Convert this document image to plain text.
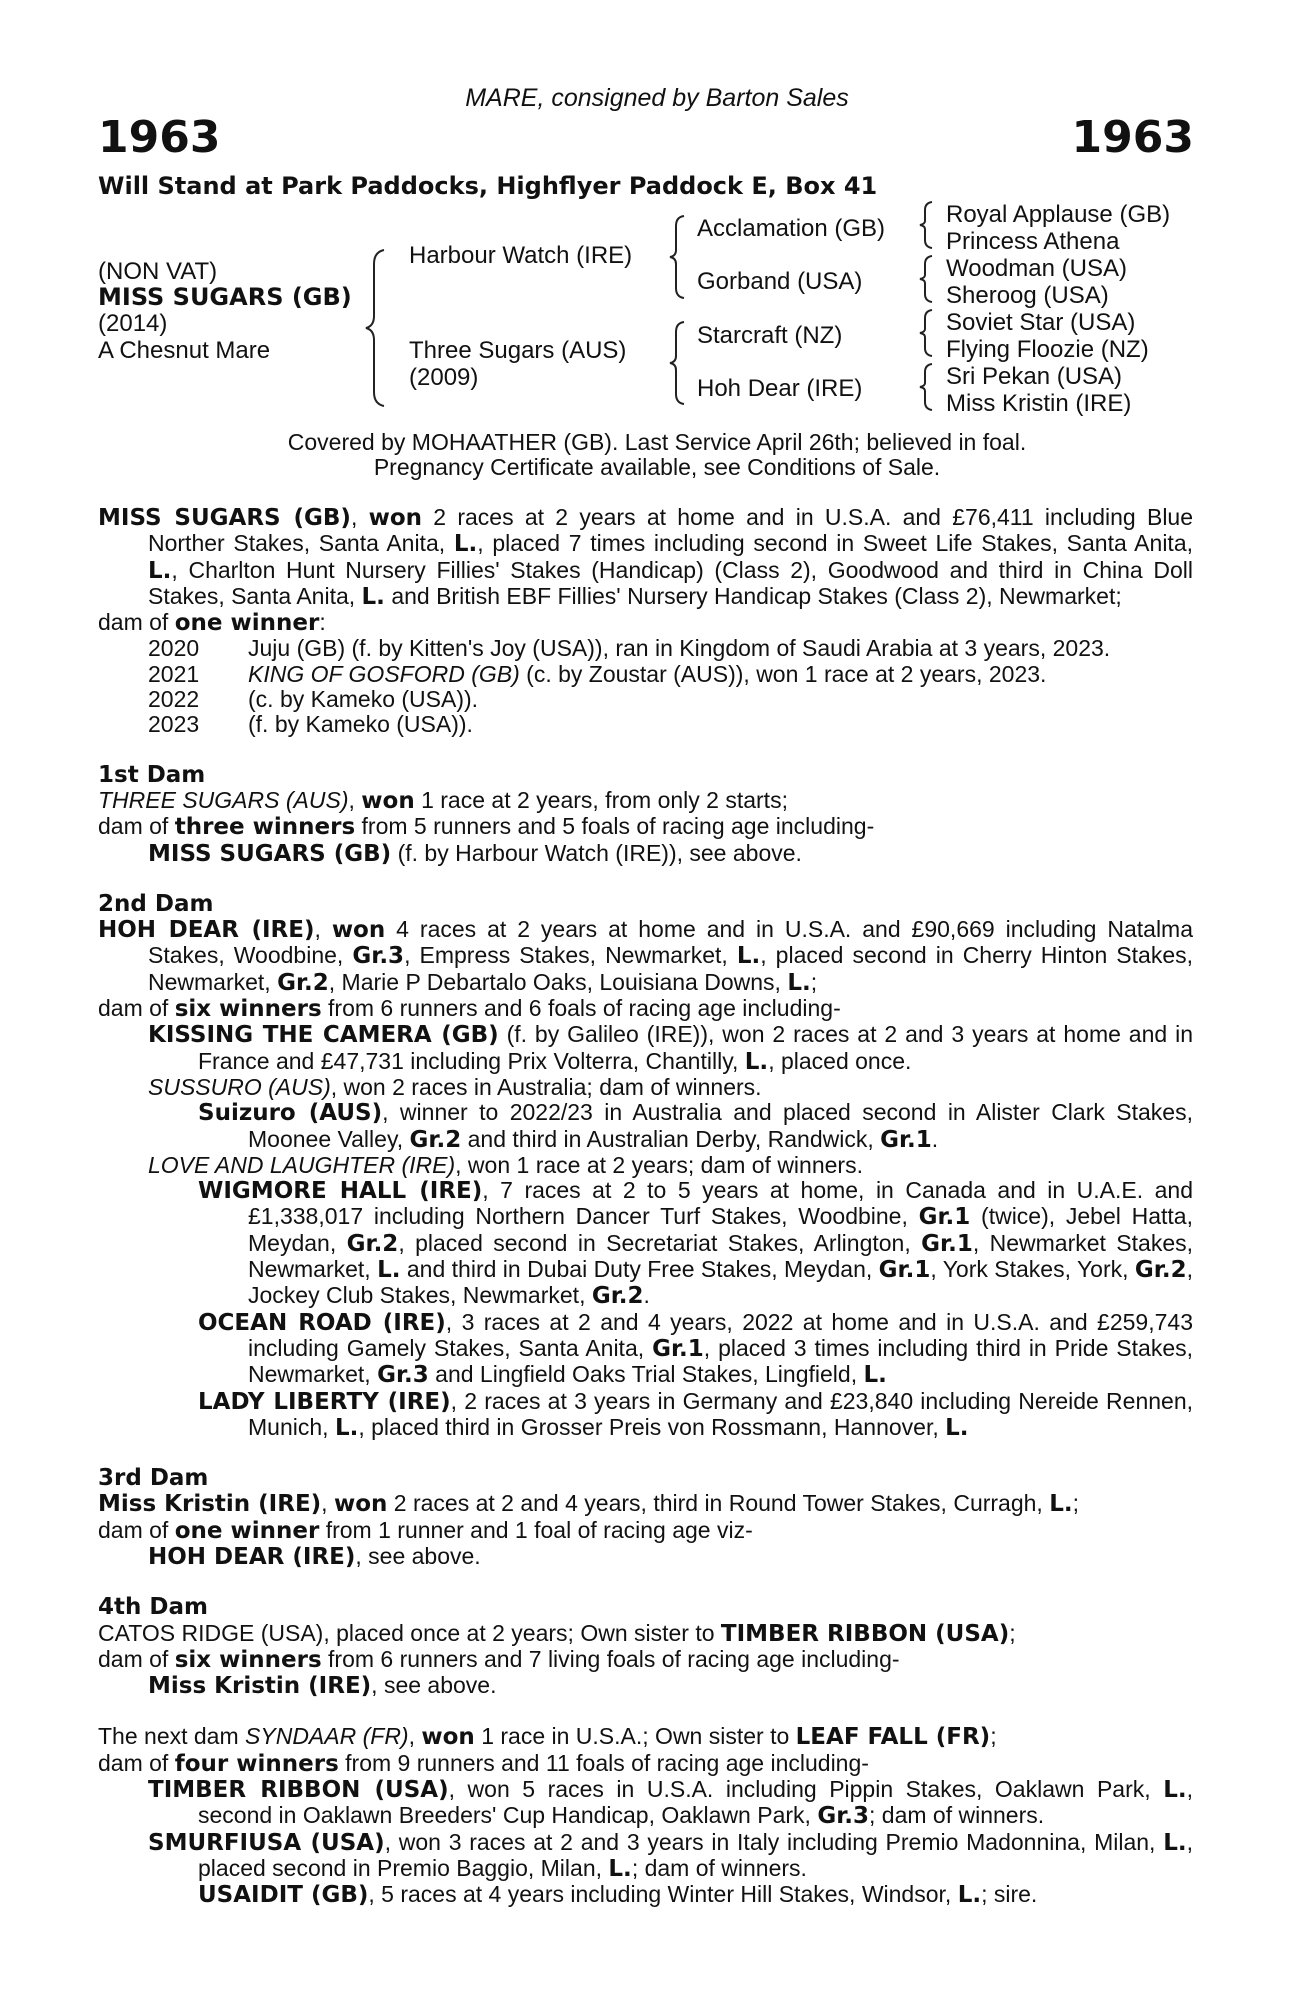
MARE, consigned by Barton Sales
1963	1963
Will Stand at Park Paddocks, Highflyer Paddock E, Box 41
(NON VAT)
MISS SUGARS (GB)
(2014)
A Chesnut Mare
Harbour Watch (IRE)
Three Sugars (AUS)
(2009)
Acclamation (GB)
Gorband (USA)
Starcraft (NZ)
Hoh Dear (IRE)
Royal Applause (GB)
Princess Athena
Woodman (USA)
Sheroog (USA)
Soviet Star (USA)
Flying Floozie (NZ)
Sri Pekan (USA)
Miss Kristin (IRE)
Covered by MOHAATHER (GB). Last Service April 26th; believed in foal.
Pregnancy Certificate available, see Conditions of Sale.

MISS SUGARS (GB), won 2 races at 2 years at home and in U.S.A. and £76,411 including Blue Norther Stakes, Santa Anita, L., placed 7 times including second in Sweet Life Stakes, Santa Anita, L., Charlton Hunt Nursery Fillies' Stakes (Handicap) (Class 2), Goodwood and third in China Doll Stakes, Santa Anita, L. and British EBF Fillies' Nursery Handicap Stakes (Class 2), Newmarket;

dam of one winner:

2020	Juju (GB) (f. by Kitten's Joy (USA)), ran in Kingdom of Saudi Arabia at 3 years, 2023.
2021	KING OF GOSFORD (GB) (c. by Zoustar (AUS)), won 1 race at 2 years, 2023.
2022	(c. by Kameko (USA)).
2023	(f. by Kameko (USA)).

1st Dam

THREE SUGARS (AUS), won 1 race at 2 years, from only 2 starts;

dam of three winners from 5 runners and 5 foals of racing age including-

MISS SUGARS (GB) (f. by Harbour Watch (IRE)), see above.

2nd Dam

HOH DEAR (IRE), won 4 races at 2 years at home and in U.S.A. and £90,669 including Natalma Stakes, Woodbine, Gr.3, Empress Stakes, Newmarket, L., placed second in Cherry Hinton Stakes, Newmarket, Gr.2, Marie P Debartalo Oaks, Louisiana Downs, L.;

dam of six winners from 6 runners and 6 foals of racing age including-

KISSING THE CAMERA (GB) (f. by Galileo (IRE)), won 2 races at 2 and 3 years at home and in France and £47,731 including Prix Volterra, Chantilly, L., placed once.

SUSSURO (AUS), won 2 races in Australia; dam of winners.

Suizuro (AUS), winner to 2022/23 in Australia and placed second in Alister Clark Stakes, Moonee Valley, Gr.2 and third in Australian Derby, Randwick, Gr.1.

LOVE AND LAUGHTER (IRE), won 1 race at 2 years; dam of winners.

WIGMORE HALL (IRE), 7 races at 2 to 5 years at home, in Canada and in U.A.E. and £1,338,017 including Northern Dancer Turf Stakes, Woodbine, Gr.1 (twice), Jebel Hatta, Meydan, Gr.2, placed second in Secretariat Stakes, Arlington, Gr.1, Newmarket Stakes, Newmarket, L. and third in Dubai Duty Free Stakes, Meydan, Gr.1, York Stakes, York, Gr.2, Jockey Club Stakes, Newmarket, Gr.2.

OCEAN ROAD (IRE), 3 races at 2 and 4 years, 2022 at home and in U.S.A. and £259,743 including Gamely Stakes, Santa Anita, Gr.1, placed 3 times including third in Pride Stakes, Newmarket, Gr.3 and Lingfield Oaks Trial Stakes, Lingfield, L.

LADY LIBERTY (IRE), 2 races at 3 years in Germany and £23,840 including Nereide Rennen, Munich, L., placed third in Grosser Preis von Rossmann, Hannover, L.

3rd Dam

Miss Kristin (IRE), won 2 races at 2 and 4 years, third in Round Tower Stakes, Curragh, L.;

dam of one winner from 1 runner and 1 foal of racing age viz-

HOH DEAR (IRE), see above.

4th Dam

CATOS RIDGE (USA), placed once at 2 years; Own sister to TIMBER RIBBON (USA);

dam of six winners from 6 runners and 7 living foals of racing age including-

Miss Kristin (IRE), see above.

The next dam SYNDAAR (FR), won 1 race in U.S.A.; Own sister to LEAF FALL (FR);

dam of four winners from 9 runners and 11 foals of racing age including-

TIMBER RIBBON (USA), won 5 races in U.S.A. including Pippin Stakes, Oaklawn Park, L., second in Oaklawn Breeders' Cup Handicap, Oaklawn Park, Gr.3; dam of winners.

SMURFIUSA (USA), won 3 races at 2 and 3 years in Italy including Premio Madonnina, Milan, L., placed second in Premio Baggio, Milan, L.; dam of winners.

USAIDIT (GB), 5 races at 4 years including Winter Hill Stakes, Windsor, L.; sire.
